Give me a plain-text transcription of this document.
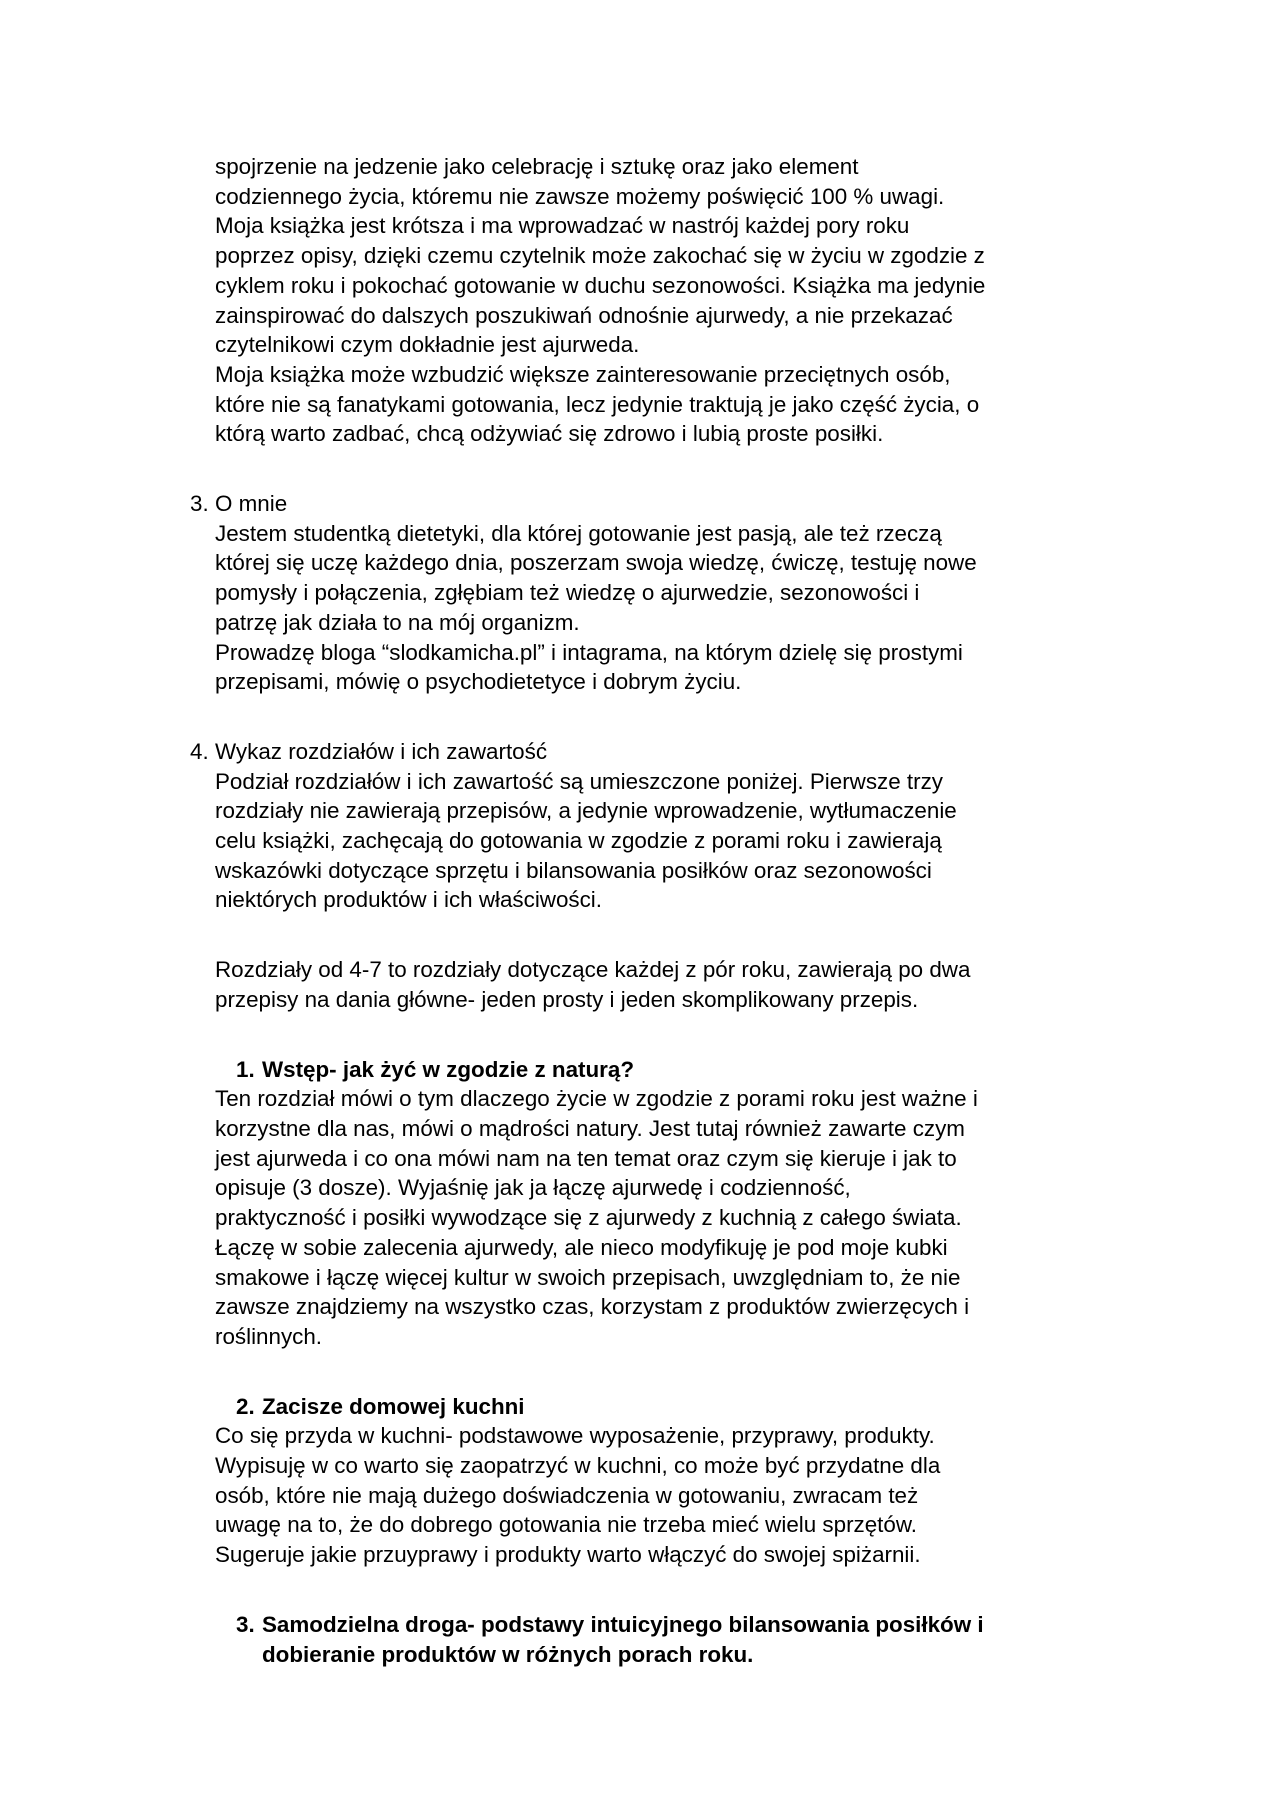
spojrzenie na jedzenie jako celebrację i sztukę oraz jako element codziennego życia, któremu nie zawsze możemy poświęcić 100 % uwagi. Moja książka jest krótsza i ma wprowadzać w nastrój każdej pory roku poprzez opisy, dzięki czemu czytelnik może zakochać się w życiu w zgodzie z cyklem roku i pokochać gotowanie w duchu sezonowości. Książka ma jedynie zainspirować do dalszych poszukiwań odnośnie ajurwedy, a nie przekazać czytelnikowi czym dokładnie jest ajurweda.

Moja książka może wzbudzić większe zainteresowanie przeciętnych osób, które nie są fanatykami gotowania, lecz jedynie traktują je jako część życia, o którą warto zadbać, chcą odżywiać się zdrowo i lubią proste posiłki.

3. O mnie

Jestem studentką dietetyki, dla której gotowanie jest pasją, ale też rzeczą której się uczę każdego dnia, poszerzam swoja wiedzę, ćwiczę, testuję nowe pomysły i połączenia, zgłębiam też wiedzę o ajurwedzie, sezonowości i patrzę jak działa to na mój organizm.

Prowadzę bloga “slodkamicha.pl” i intagrama, na którym dzielę się prostymi przepisami, mówię o psychodietetyce i dobrym życiu.

4. Wykaz rozdziałów i ich zawartość

Podział rozdziałów i ich zawartość są umieszczone poniżej. Pierwsze trzy rozdziały nie zawierają przepisów, a jedynie wprowadzenie, wytłumaczenie celu książki, zachęcają do gotowania w zgodzie z porami roku i zawierają wskazówki dotyczące sprzętu i bilansowania posiłków oraz sezonowości niektórych produktów i ich właściwości.

Rozdziały od 4-7 to rozdziały dotyczące każdej z pór roku, zawierają po dwa przepisy na dania główne- jeden prosty i jeden skomplikowany przepis.

1. Wstęp- jak żyć w zgodzie z naturą?

Ten rozdział mówi o tym dlaczego życie w zgodzie z porami roku jest ważne i korzystne dla nas, mówi o mądrości natury. Jest tutaj również zawarte czym jest ajurweda i co ona mówi nam na ten temat oraz czym się kieruje i jak to opisuje (3 dosze). Wyjaśnię jak ja łączę ajurwedę i codzienność, praktyczność i posiłki wywodzące się z ajurwedy z kuchnią z całego świata. Łączę w sobie zalecenia ajurwedy, ale nieco modyfikuję je pod moje kubki smakowe i łączę więcej kultur w swoich przepisach, uwzględniam to, że nie zawsze znajdziemy na wszystko czas, korzystam z produktów zwierzęcych i roślinnych.

2. Zacisze domowej kuchni

Co się przyda w kuchni- podstawowe wyposażenie, przyprawy, produkty. Wypisuję w co warto się zaopatrzyć w kuchni, co może być przydatne dla osób, które nie mają dużego doświadczenia w gotowaniu, zwracam też uwagę na to, że do dobrego gotowania nie trzeba mieć wielu sprzętów. Sugeruje jakie przuyprawy i produkty warto włączyć do swojej spiżarnii.

3. Samodzielna droga- podstawy intuicyjnego bilansowania posiłków i dobieranie produktów w różnych porach roku.
